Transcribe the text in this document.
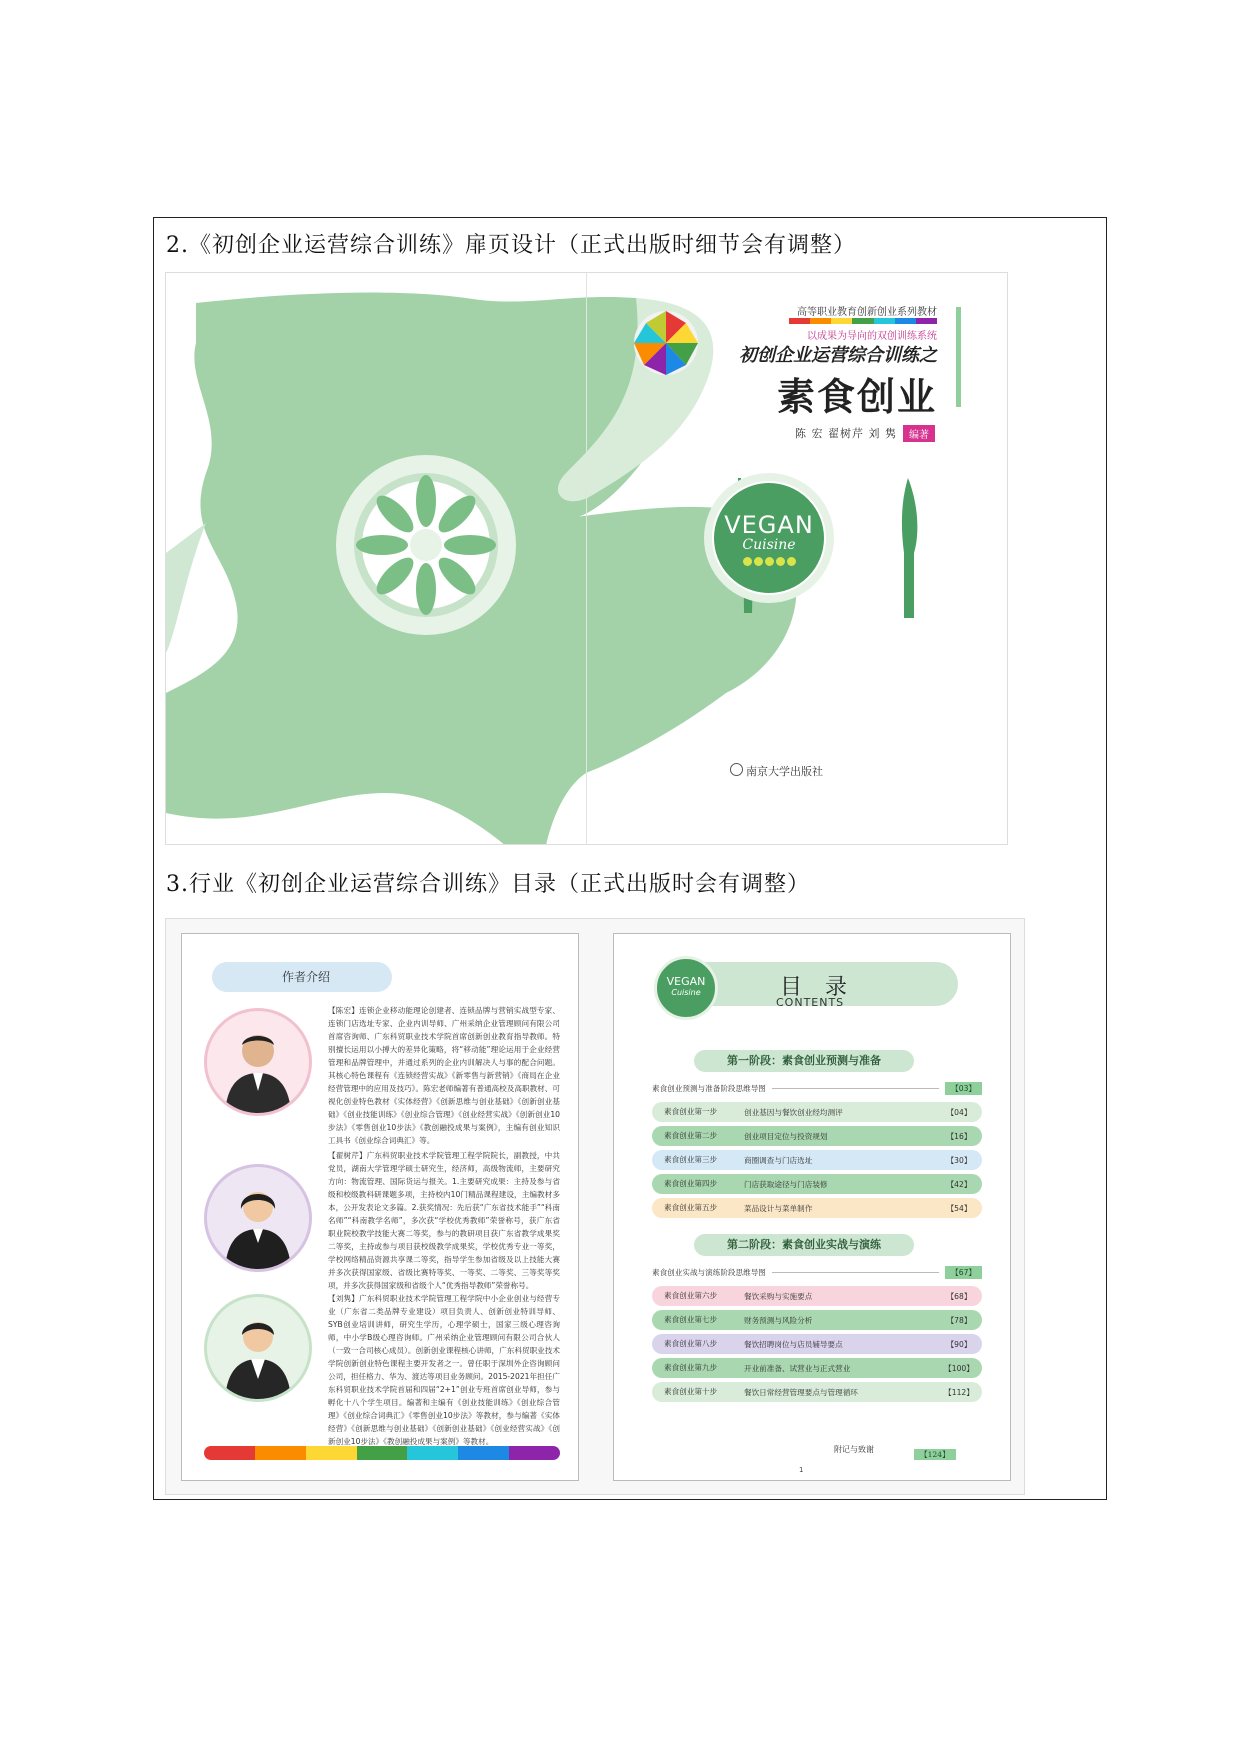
2.《初创企业运营综合训练》扉页设计（正式出版时细节会有调整）
高等职业教育创新创业系列教材
以成果为导向的双创训练系统
初创企业运营综合训练之
素食创业
陈 宏 翟树芹 刘 隽	编著
VEGAN
Cuisine
南京大学出版社
3.行业《初创企业运营综合训练》目录（正式出版时会有调整）
作者介绍
【陈宏】连锁企业移动能理论创建者、连锁品牌与营销实战型专家、连锁门店选址专家、企业内训导师、广州采纳企业管理顾问有限公司首席咨询师、广东科贸职业技术学院首席创新创业教育指导教师。特别擅长运用以小搏大的差异化策略，将“移动能”理论运用于企业经营管理和品牌管理中，并通过系列的企业内训解决人与事的配合问题。其核心特色课程有《连锁经营实战》《新零售与新营销》《商局在企业经营管理中的应用及技巧》。陈宏老师编著有普通高校及高职教材、可视化创业特色教材《实体经营》《创新思维与创业基础》《创新创业基础》《创业技能训练》《创业综合管理》《创业经营实战》《创新创业10步法》《零售创业10步法》《教创融投成果与案例》，主编有创业知识工具书《创业综合词典汇》等。
【翟树芹】广东科贸职业技术学院管理工程学院院长，副教授，中共党员，湖南大学管理学硕士研究生，经济师，高级物流师，主要研究方向：物流管理、国际货运与报关。1.主要研究成果：主持及参与省级和校级教科研课题多项，主持校内10门精品课程建设，主编教材多本，公开发表论文多篇。2.获奖情况：先后获“广东省技术能手”“科南名师”“科南教学名师”，多次获“学校优秀教师”荣誉称号，获广东省职业院校教学技能大赛二等奖，参与的教研项目获广东省教学成果奖二等奖，主持或参与项目获校级教学成果奖，学校优秀专业一等奖，学校网络精品资源共享课二等奖，指导学生参加省级及以上技能大赛并多次获得国家级、省级比赛特等奖、一等奖、二等奖、三等奖等奖项，并多次获得国家级和省级个人“优秀指导教师”荣誉称号。
【刘隽】广东科贸职业技术学院管理工程学院中小企业创业与经营专业（广东省二类品牌专业建设）项目负责人、创新创业特训导师、SYB创业培训讲师，研究生学历，心理学硕士，国家三级心理咨询师，中小学B级心理咨询师。广州采纳企业管理顾问有限公司合伙人（一致一合司核心成员）。创新创业课程核心讲师，广东科贸职业技术学院创新创业特色课程主要开发者之一。曾任职于深圳外企咨询顾问公司，担任格力、华为、渡达等项目业务顾问。2015-2021年担任广东科贸职业技术学院首届和四届“2+1”创业专班首席创业导师，参与孵化十八个学生项目。编著和主编有《创业技能训练》《创业综合管理》《创业综合词典汇》《零售创业10步法》等教材，参与编著《实体经营》《创新思维与创业基础》《创新创业基础》《创业经营实战》《创新创业10步法》《教创融投成果与案例》等教材。
VEGAN
Cuisine	目 录
CONTENTS
第一阶段：素食创业预测与准备
素食创业预测与准备阶段思维导图	【03】
素食创业第一步	创业基因与餐饮创业经均测评	【04】
素食创业第二步	创业项目定位与投资规划	【16】
素食创业第三步	商圈调查与门店选址	【30】
素食创业第四步	门店获取途径与门店装修	【42】
素食创业第五步	菜品设计与菜单制作	【54】
第二阶段：素食创业实战与演练
素食创业实战与演练阶段思维导图	【67】
素食创业第六步	餐饮采购与实施要点	【68】
素食创业第七步	财务预测与风险分析	【78】
素食创业第八步	餐饮招聘岗位与店员辅导要点	【90】
素食创业第九步	开业前准备、试营业与正式营业	【100】
素食创业第十步	餐饮日常经营管理要点与管理循环	【112】
附记与致谢
【124】
1
